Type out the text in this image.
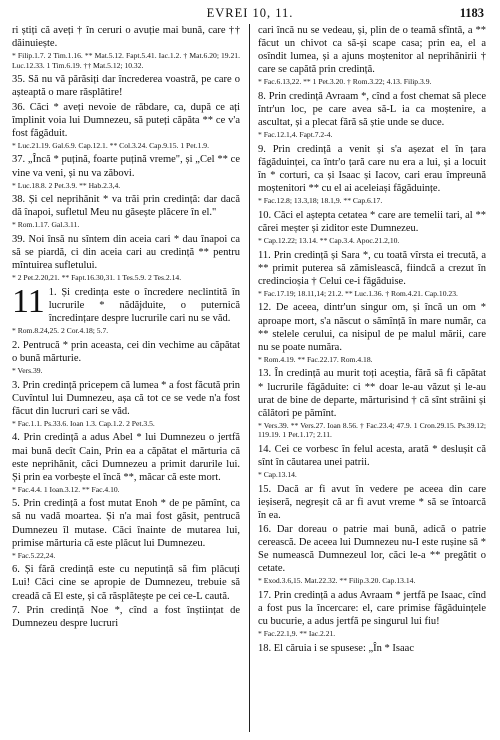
EVREI 10, 11.	1183

ri știți că aveți † în ceruri o avuție mai bună, care †† dăinuiește.

* Filip.1.7. 2 Tim.1.16. ** Mat.5.12. Fapt.5.41. Iac.1.2. † Mat.6.20; 19.21. Luc.12.33. 1 Tim.6.19. †† Mat.5.12; 10.32.

35. Să nu vă părăsiți dar încrederea voastră, pe care o așteaptă o mare răsplătire!

36. Căci * aveți nevoie de răbdare, ca, după ce ați împlinit voia lui Dumnezeu, să puteți căpăta ** ce v'a fost făgăduit.

* Luc.21.19. Gal.6.9. Cap.12.1. ** Col.3.24. Cap.9.15. 1 Pet.1.9.

37. „Încă * puțină, foarte puțină vreme", și „Cel ** ce vine va veni, și nu va zăbovi.

* Luc.18.8. 2 Pet.3.9. ** Hab.2.3,4.

38. Și cel neprihănit * va trăi prin credință: dar dacă dă înapoi, sufletul Meu nu găsește plăcere în el."

* Rom.1.17. Gal.3.11.

39. Noi însă nu sîntem din aceia cari * dau înapoi ca să se piardă, ci din aceia cari au credință ** pentru mîntuirea sufletului.

* 2 Pet.2.20,21. ** Fapt.16.30,31. 1 Tes.5.9. 2 Tes.2.14.

11 1. Și credința este o încredere neclintită în lucrurile * nădăjduite, o puternică încredințare despre lucrurile cari nu se văd.

* Rom.8.24,25. 2 Cor.4.18; 5.7.

2. Pentrucă * prin aceasta, cei din vechime au căpătat o bună mărturie.

* Vers.39.

3. Prin credință pricepem că lumea * a fost făcută prin Cuvîntul lui Dumnezeu, așa că tot ce se vede n'a fost făcut din lucruri cari se văd.

* Fac.1.1. Ps.33.6. Ioan 1.3. Cap.1.2. 2 Pet.3.5.

4. Prin credință a adus Abel * lui Dumnezeu o jertfă mai bună decît Cain, Prin ea a căpătat el mărturia că este neprihănit, căci Dumnezeu a primit darurile lui. Și prin ea vorbește el încă **, măcar că este mort.

* Fac.4.4. 1 Ioan.3.12. ** Fac.4.10.

5. Prin credință a fost mutat Enoh * de pe pămînt, ca să nu vadă moartea. Și n'a mai fost găsit, pentrucă Dumnezeu îl mutase. Căci înainte de mutarea lui, primise mărturia că este plăcut lui Dumnezeu.

* Fac.5.22,24.

6. Și fără credință este cu neputință să fim plăcuți Lui! Căci cine se apropie de Dumnezeu, trebuie să creadă că El este, și că răsplătește pe cei ce-L caută.

7. Prin credință Noe *, cînd a fost înștiințat de Dumnezeu despre lucruri

cari încă nu se vedeau, și, plin de o teamă sfîntă, a ** făcut un chivot ca să-și scape casa; prin ea, el a osîndit lumea, și a ajuns moștenitor al neprihănirii † care se capătă prin credință.

* Fac.6.13,22. ** 1 Pet.3.20. † Rom.3.22; 4.13. Filip.3.9.

8. Prin credință Avraam *, cînd a fost chemat să plece într'un loc, pe care avea să-L ia ca moștenire, a ascultat, și a plecat fără să știe unde se duce.

* Fac.12.1,4. Fapt.7.2-4.

9. Prin credință a venit și s'a așezat el în țara făgăduinței, ca într'o țară care nu era a lui, și a locuit în * corturi, ca și Isaac și Iacov, cari erau împreună moștenitori ** cu el ai aceleiași făgăduințe.

* Fac.12.8; 13.3,18; 18.1,9. ** Cap.6.17.

10. Căci el aștepta cetatea * care are temelii tari, al ** cărei meșter și ziditor este Dumnezeu.

* Cap.12.22; 13.14. ** Cap.3.4. Apoc.21.2,10.

11. Prin credință și Sara *, cu toată vîrsta ei trecută, a ** primit puterea să zămislească, fiindcă a crezut în credincioșia † Celui ce-i făgăduise.

* Fac.17.19; 18.11,14; 21.2. ** Luc.1.36. † Rom.4.21. Cap.10.23.

12. De aceea, dintr'un singur om, și încă un om * aproape mort, s'a născut o sămînță în mare număr, ca ** stelele cerului, ca nisipul de pe malul mării, care nu se poate număra.

* Rom.4.19. ** Fac.22.17. Rom.4.18.

13. În credință au murit toți aceștia, fără să fi căpătat * lucrurile făgăduite: ci ** doar le-au văzut și le-au urat de bine de departe, mărturisind † că sînt străini și călători pe pămînt.

* Vers.39. ** Vers.27. Ioan 8.56. † Fac.23.4; 47.9. 1 Cron.29.15. Ps.39.12; 119.19. 1 Pet.1.17; 2.11.

14. Cei ce vorbesc în felul acesta, arată * deslușit că sînt în căutarea unei patrii.

* Cap.13.14.

15. Dacă ar fi avut în vedere pe aceea din care ieșiseră, negreșit că ar fi avut vreme * să se întoarcă în ea.

16. Dar doreau o patrie mai bună, adică o patrie cerească. De aceea lui Dumnezeu nu-I este rușine să * Se numească Dumnezeul lor, căci le-a ** pregătit o cetate.

* Exod.3.6,15. Mat.22.32. ** Filip.3.20. Cap.13.14.

17. Prin credință a adus Avraam * jertfă pe Isaac, cînd a fost pus la încercare: el, care primise făgăduințele cu bucurie, a adus jertfă pe singurul lui fiu!

* Fac.22.1,9. ** Iac.2.21.

18. El căruia i se spusese: „În * Isaac
